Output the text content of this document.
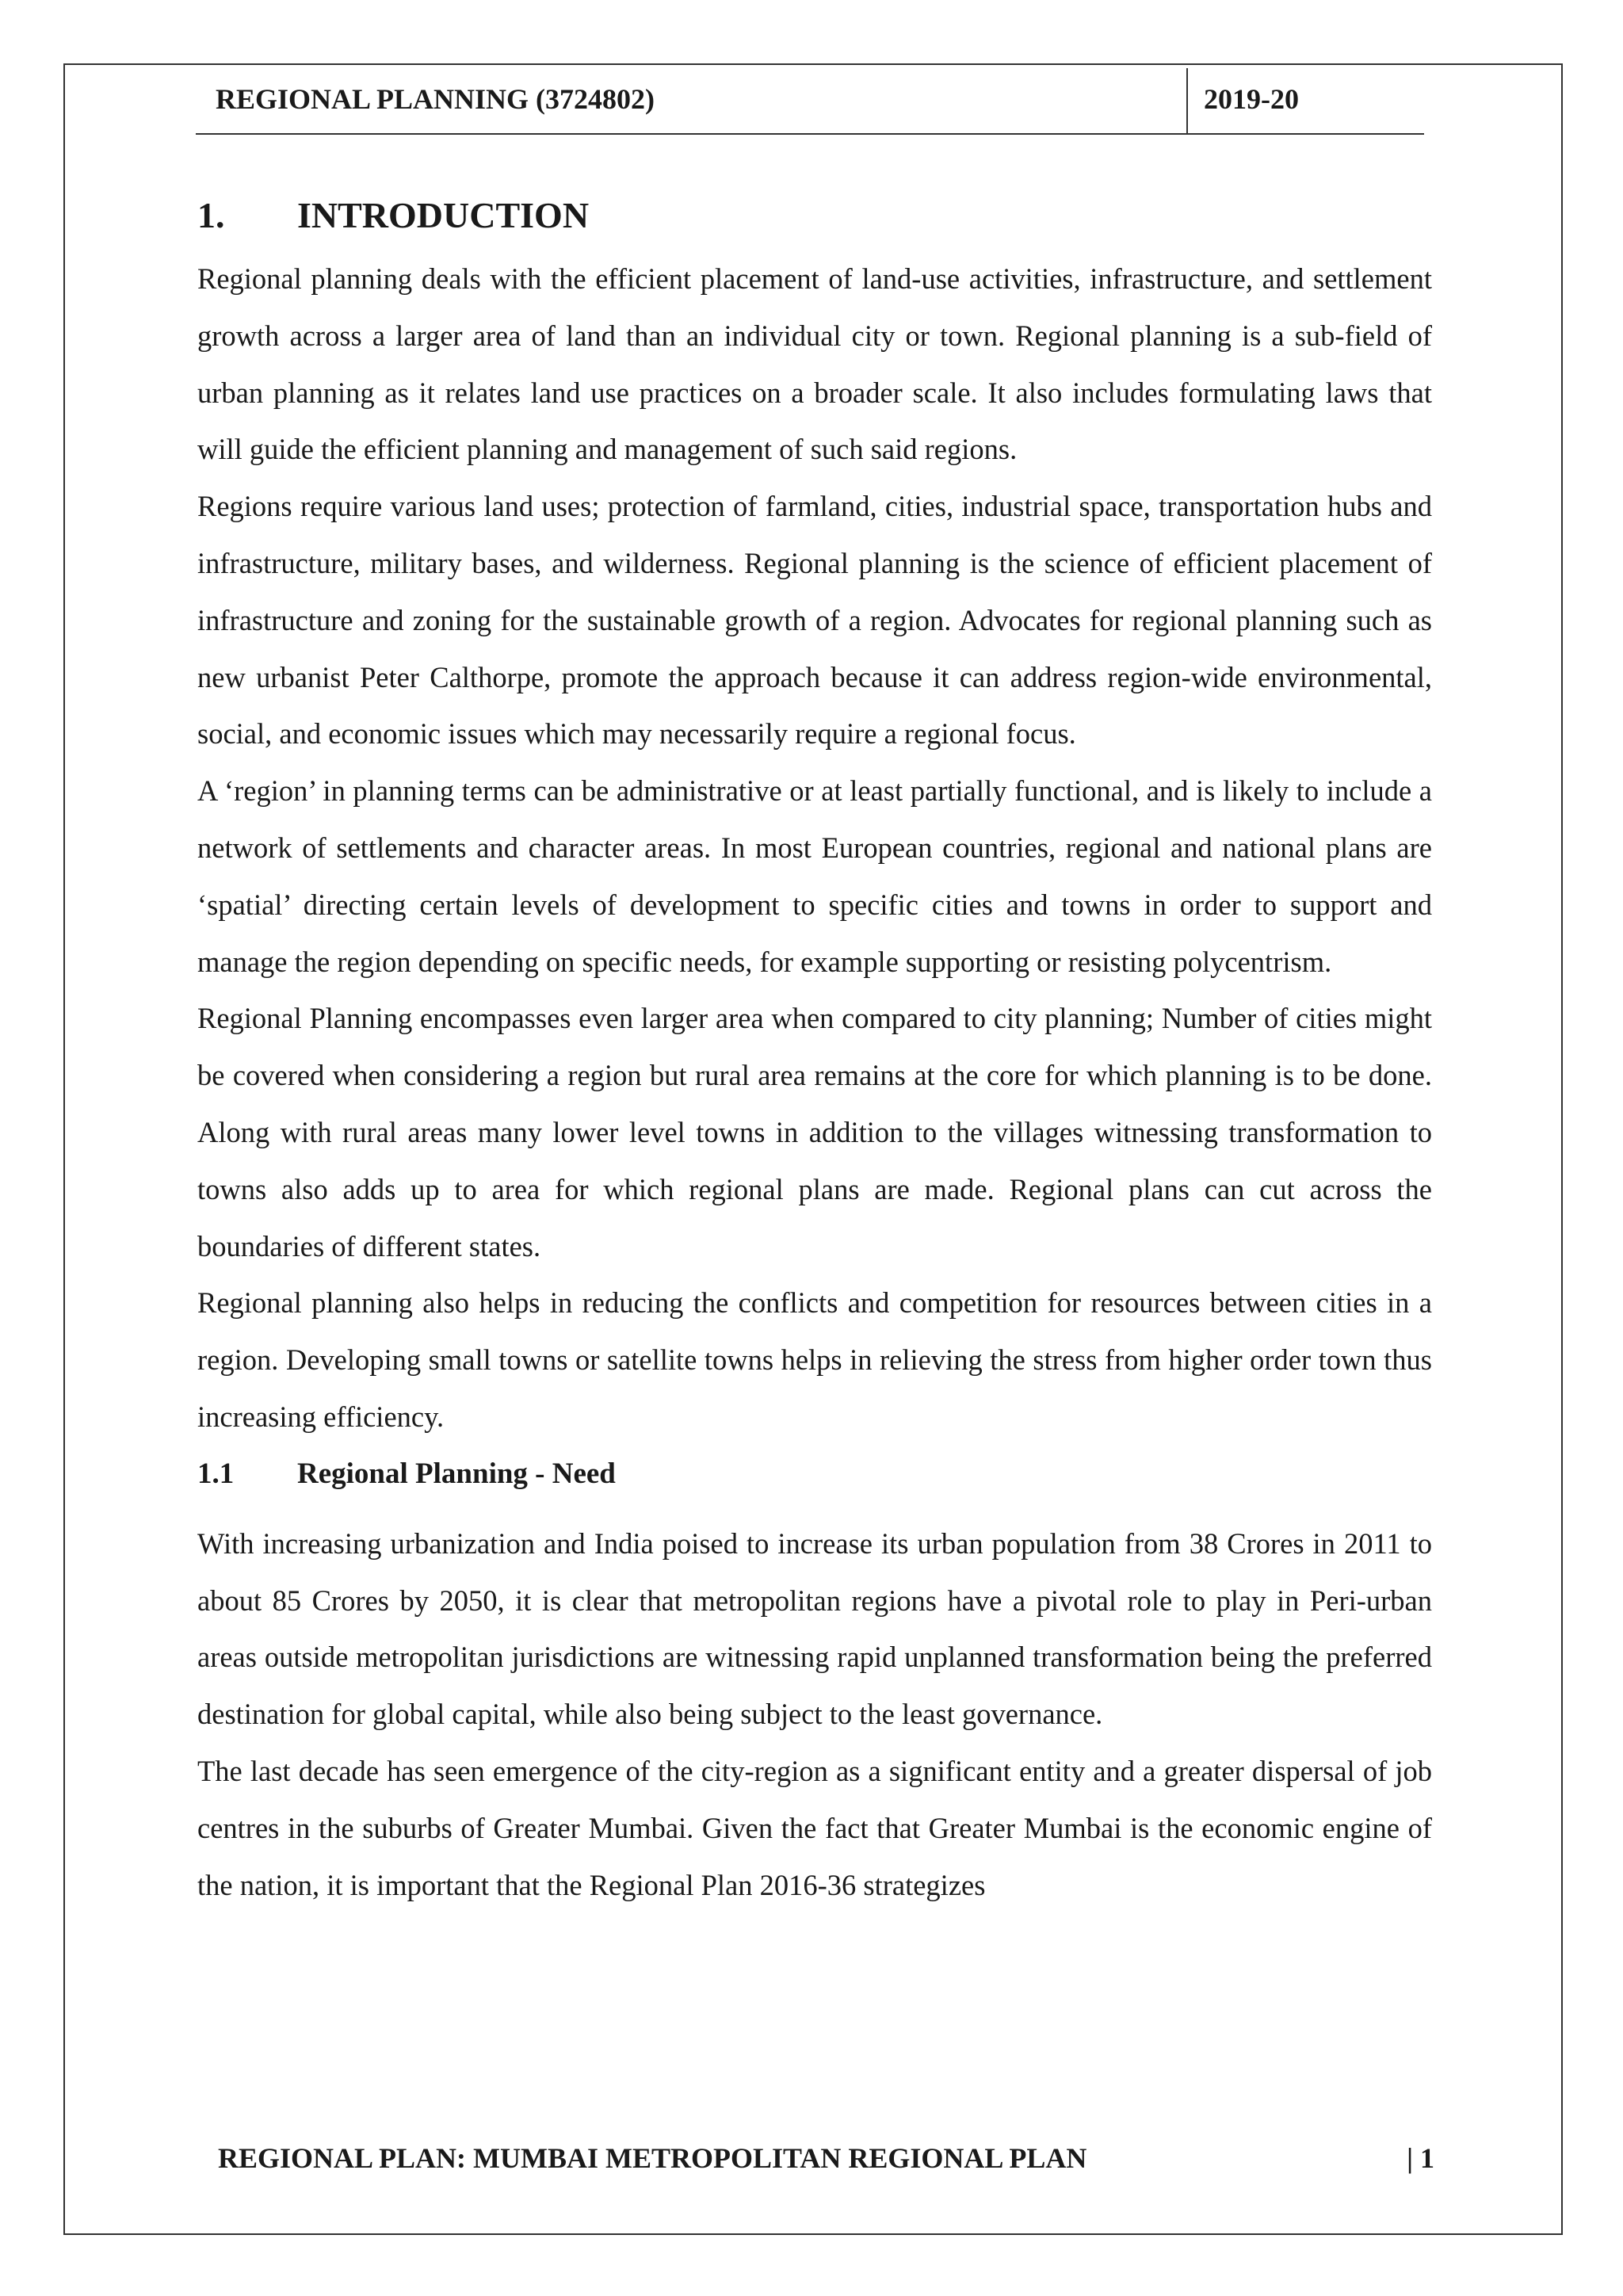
REGIONAL PLANNING (3724802)	2019-20
1. INTRODUCTION

Regional planning deals with the efficient placement of land-use activities, infrastructure, and settlement growth across a larger area of land than an individual city or town. Regional planning is a sub-field of urban planning as it relates land use practices on a broader scale. It also includes formulating laws that will guide the efficient planning and management of such said regions.

Regions require various land uses; protection of farmland, cities, industrial space, transportation hubs and infrastructure, military bases, and wilderness. Regional planning is the science of efficient placement of infrastructure and zoning for the sustainable growth of a region. Advocates for regional planning such as new urbanist Peter Calthorpe, promote the approach because it can address region-wide environmental, social, and economic issues which may necessarily require a regional focus.

A ‘region’ in planning terms can be administrative or at least partially functional, and is likely to include a network of settlements and character areas. In most European countries, regional and national plans are ‘spatial’ directing certain levels of development to specific cities and towns in order to support and manage the region depending on specific needs, for example supporting or resisting polycentrism.

Regional Planning encompasses even larger area when compared to city planning; Number of cities might be covered when considering a region but rural area remains at the core for which planning is to be done. Along with rural areas many lower level towns in addition to the villages witnessing transformation to towns also adds up to area for which regional plans are made. Regional plans can cut across the boundaries of different states.

Regional planning also helps in reducing the conflicts and competition for resources between cities in a region. Developing small towns or satellite towns helps in relieving the stress from higher order town thus increasing efficiency.

1.1 Regional Planning - Need

With increasing urbanization and India poised to increase its urban population from 38 Crores in 2011 to about 85 Crores by 2050, it is clear that metropolitan regions have a pivotal role to play in Peri-urban areas outside metropolitan jurisdictions are witnessing rapid unplanned transformation being the preferred destination for global capital, while also being subject to the least governance.

The last decade has seen emergence of the city-region as a significant entity and a greater dispersal of job centres in the suburbs of Greater Mumbai. Given the fact that Greater Mumbai is the economic engine of the nation, it is important that the Regional Plan 2016-36 strategizes

REGIONAL PLAN: MUMBAI METROPOLITAN REGIONAL PLAN	| 1
